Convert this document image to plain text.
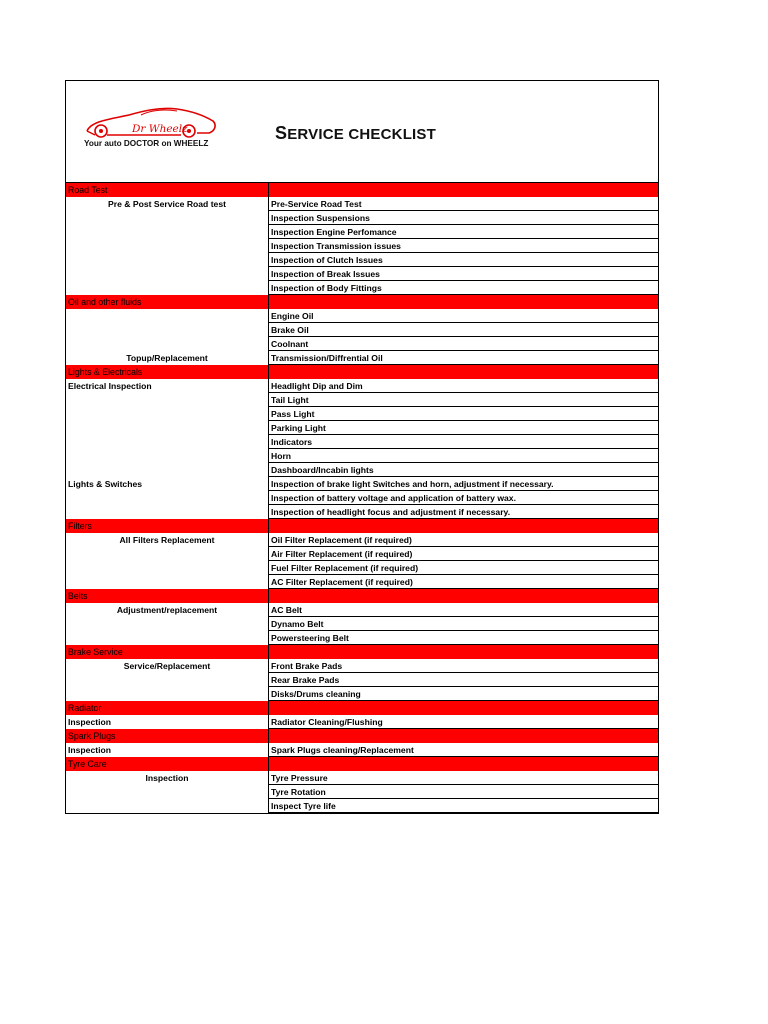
Dr Wheelz
Your auto DOCTOR on WHEELZ
SERVICE CHECKLIST
Road Test
Pre & Post Service Road test	Pre-Service Road Test
Inspection Suspensions
Inspection Engine Perfomance
Inspection Transmission issues
Inspection of Clutch Issues
Inspection of Break Issues
Inspection of Body Fittings
Oil and other fluids
Engine Oil
Brake Oil
Coolnant
Topup/Replacement	Transmission/Diffrential Oil
Lights & Electricals
Electrical Inspection	Headlight Dip and Dim
Tail Light
Pass Light
Parking Light
Indicators
Horn
Dashboard/Incabin lights
Lights & Switches	Inspection of brake light Switches and horn, adjustment if necessary.
Inspection of battery voltage and application of battery wax.
Inspection of headlight focus and adjustment if necessary.
Filters
All Filters Replacement	Oil Filter Replacement (if required)
Air Filter Replacement (if required)
Fuel Filter Replacement (if required)
AC Filter Replacement (if required)
Belts
Adjustment/replacement	AC Belt
Dynamo Belt
Powersteering Belt
Brake Service
Service/Replacement	Front Brake Pads
Rear Brake Pads
Disks/Drums cleaning
Radiator
Inspection	Radiator Cleaning/Flushing
Spark Plugs
Inspection	Spark Plugs cleaning/Replacement
Tyre Care
Inspection	Tyre Pressure
Tyre Rotation
Inspect Tyre life
